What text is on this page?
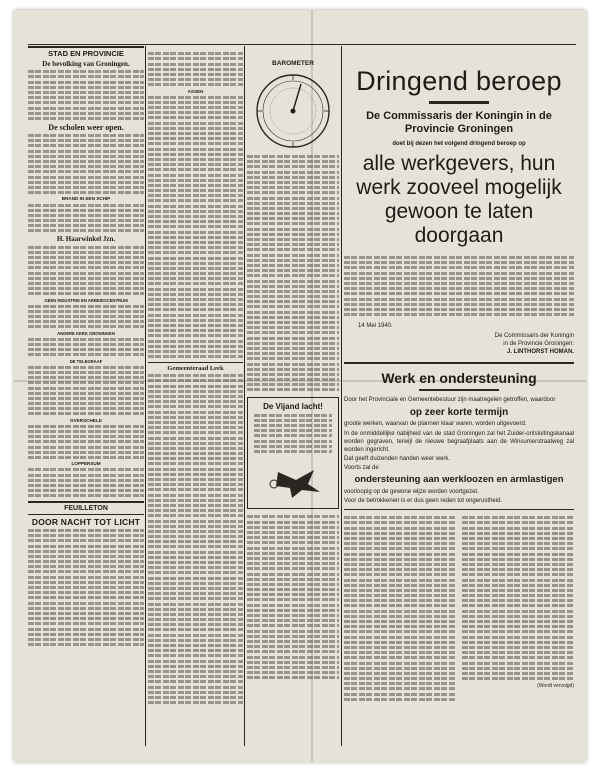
STAD EN PROVINCIE
De bevolking van Groningen.
De scholen weer open.
BRAND IN EEN SCHIP
H. Haarwinkel Jzn.
GEEN INDUSTRIE EN ARBEIDSCENTRUM
ANDERE KERK GRONINGEN
DE TELEGRAAF
OVERSCHELD
LOPPERSUM
FEUILLETON
DOOR NACHT TOT LICHT
ASSEN
Gemeenteraad Leek
BAROMETER
De Vijand lacht!
Dringend beroep
De Commissaris der Koningin in de Provincie Groningen
doet bij dezen het volgend dringend beroep op
alle werkgevers, hun werk zooveel mogelijk gewoon te laten doorgaan
14 Mei 1940.
De Commissaris der Koningin
in de Provincie Groningen:
J. LINTHORST HOMAN.
Werk en ondersteuning
Door het Provinciale en Gemeentebestuur zijn maatregelen getroffen, waardoor
op zeer korte termijn
groote werken, waarvan de plannen klaar waren, worden uitgevoerd.
In de onmiddellijke nabijheid van de stad Groningen zal het Zuider-ontsluitingskanaal worden gegraven, terwijl de nieuwe begraafplaats aan de Winsumerstraatweg zal worden ingericht.
Dat geeft duizenden handen weer werk.
Voorts zal de
ondersteuning aan werkloozen en armlastigen
voorloopig op de gewone wijze worden voortgezet.
Voor de betrokkenen is er dus geen reden tot ongerustheid.
(Wordt vervolgd)
